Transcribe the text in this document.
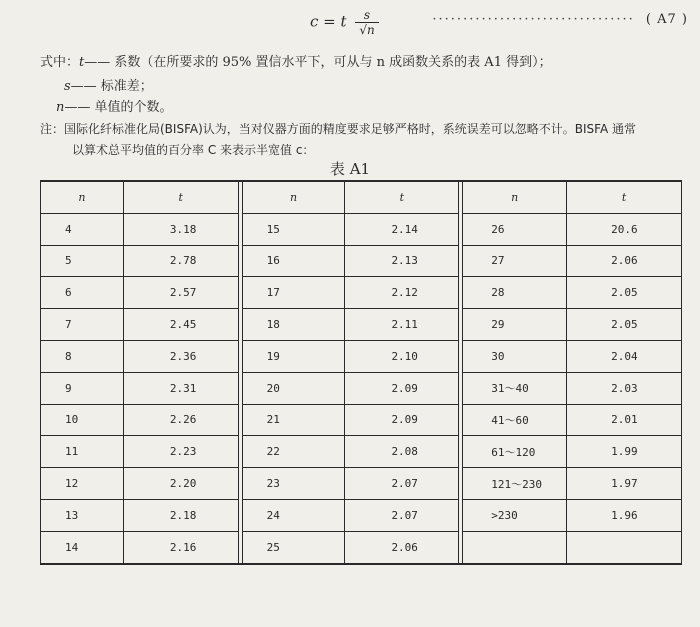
c = t $\frac{s}{√n}$	································· ( A7 )
式中：t—— 系数（在所要求的 95% 置信水平下，可从与 n 成函数关系的表 A1 得到）；
s—— 标准差；
n—— 单值的个数。
注：国际化纤标准化局(BISFA)认为，当对仪器方面的精度要求足够严格时，系统误差可以忽略不计。BISFA 通常
以算术总平均值的百分率 C 来表示半宽值 c：
表 A1
n	t		n	t		n	t
4	3.18		15	2.14		26	20.6
5	2.78		16	2.13		27	2.06
6	2.57		17	2.12		28	2.05
7	2.45		18	2.11		29	2.05
8	2.36		19	2.10		30	2.04
9	2.31		20	2.09		31～40	2.03
10	2.26		21	2.09		41～60	2.01
11	2.23		22	2.08		61～120	1.99
12	2.20		23	2.07		121～230	1.97
13	2.18		24	2.07		>230	1.96
14	2.16		25	2.06			
